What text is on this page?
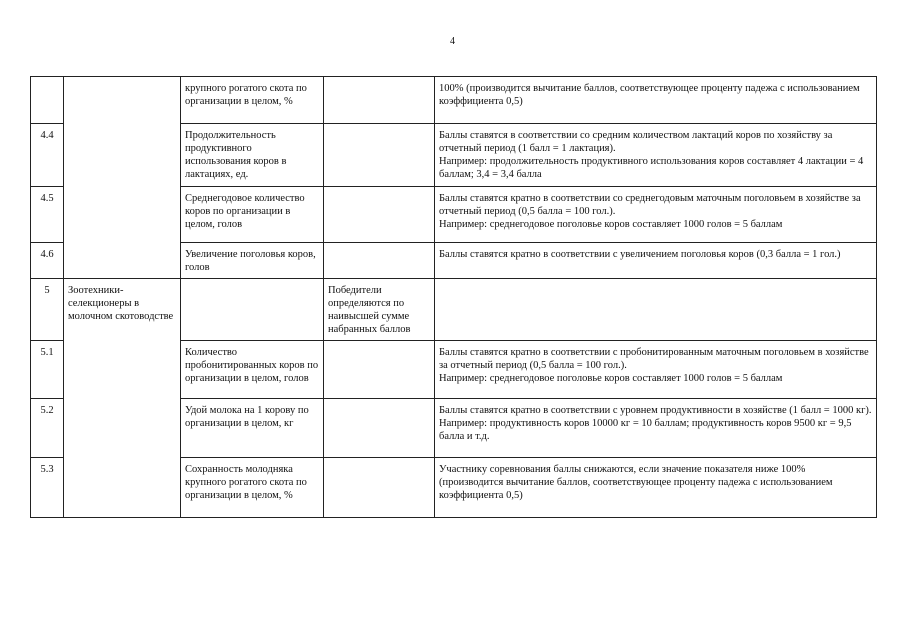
4
		крупного рогатого скота по организации в целом, %		100% (производится вычитание баллов, соответствующее проценту падежа с использованием коэффициента 0,5)

4.4		Продолжительность продуктивного использования коров в лактациях, ед.		Баллы ставятся в соответствии со средним количеством лактаций коров по хозяйству за отчетный период (1 балл = 1 лактация).
Например: продолжительность продуктивного использования коров составляет 4 лактации = 4 баллам; 3,4 = 3,4 балла

4.5		Среднегодовое количество коров по организации в целом, голов		Баллы ставятся кратно в соответствии со среднегодовым маточным поголовьем в хозяйстве за отчетный период (0,5 балла = 100 гол.).
Например: среднегодовое поголовье коров составляет 1000 голов = 5 баллам

4.6		Увеличение поголовья коров, голов		Баллы ставятся кратно в соответствии с увеличением поголовья коров (0,3 балла = 1 гол.)

5	Зоотехники-селекционеры в молочном скотоводстве		Победители определяются по наивысшей сумме набранных баллов	
5.1		Количество пробонитированных коров по организации в целом, голов		Баллы ставятся кратно в соответствии с пробонитированным маточным поголовьем в хозяйстве за отчетный период (0,5 балла = 100 гол.).
Например: среднегодовое поголовье коров составляет 1000 голов = 5 баллам

5.2		Удой молока на 1 корову по организации в целом, кг		Баллы ставятся кратно в соответствии с уровнем продуктивности в хозяйстве (1 балл = 1000 кг).
Например: продуктивность коров 10000 кг = 10 баллам; продуктивность коров 9500 кг = 9,5 балла и т.д.

5.3		Сохранность молодняка крупного рогатого скота по организации в целом, %		Участнику соревнования баллы снижаются, если значение показателя ниже 100% (производится вычитание баллов, соответствующее проценту падежа с использованием коэффициента 0,5)
